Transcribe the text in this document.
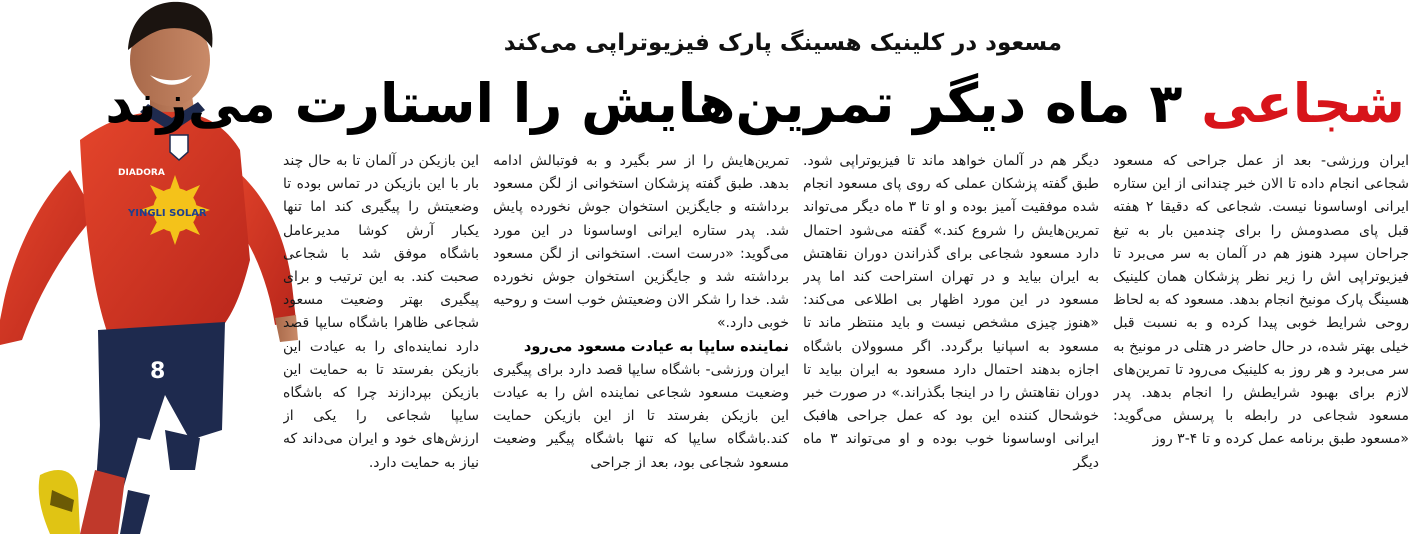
8
DIADORA
YINGLI SOLAR
مسعود در کلینیک هسینگ پارک فیزیوتراپی می‌کند
شجاعی ۳ ماه دیگر تمرین‌هایش را استارت می‌زند

ایران ورزشی- بعد از عمل جراحی که مسعود شجاعی انجام داده تا الان خبر چندانی از این ستاره ایرانی اوساسونا نیست. شجاعی که دقیقا ۲ هفته قبل پای مصدومش را برای چندمین بار به تیغ جراحان سپرد هنوز هم در آلمان به سر می‌برد تا فیزیوتراپی اش را زیر نظر پزشکان همان کلینیک هسینگ پارک مونیخ انجام بدهد. مسعود که به لحاظ روحی شرایط خوبی پیدا کرده و به نسبت قبل خیلی بهتر شده، در حال حاضر در هتلی در مونیخ به سر می‌برد و هر روز به کلینیک می‌رود تا تمرین‌های لازم برای بهبود شرایطش را انجام بدهد. پدر مسعود شجاعی در رابطه با پرسش می‌گوید: «مسعود طبق برنامه عمل کرده و تا ۴-۳ روز

دیگر هم در آلمان خواهد ماند تا فیزیوتراپی شود. طبق گفته پزشکان عملی که روی پای مسعود انجام شده موفقیت آمیز بوده و او تا ۳ ماه دیگر می‌تواند تمرین‌هایش را شروع کند.» گفته می‌شود احتمال دارد مسعود شجاعی برای گذراندن دوران نقاهتش به ایران بیاید و در تهران استراحت کند اما پدر مسعود در این مورد اظهار بی اطلاعی می‌کند: «هنوز چیزی مشخص نیست و باید منتظر ماند تا مسعود به اسپانیا برگردد. اگر مسوولان باشگاه اجازه بدهند احتمال دارد مسعود به ایران بیاید تا دوران نقاهتش را در اینجا بگذراند.» در صورت خبر خوشحال کننده این بود که عمل جراحی هافبک ایرانی اوساسونا خوب بوده و او می‌تواند ۳ ماه دیگر

تمرین‌هایش را از سر بگیرد و به فوتبالش ادامه بدهد. طبق گفته پزشکان استخوانی از لگن مسعود برداشته و جایگزین استخوان جوش نخورده پایش شد. پدر ستاره ایرانی اوساسونا در این مورد می‌گوید: «درست است. استخوانی از لگن مسعود برداشته شد و جایگزین استخوان جوش نخورده شد. خدا را شکر الان وضعیتش خوب است و روحیه خوبی دارد.»

نماینده سایپا به عیادت مسعود می‌رود

ایران ورزشی- باشگاه سایپا قصد دارد برای پیگیری وضعیت مسعود شجاعی نماینده اش را به عیادت این بازیکن بفرستد تا از این بازیکن حمایت کند.باشگاه سایپا که تنها باشگاه پیگیر وضعیت مسعود شجاعی بود، بعد از جراحی

این بازیکن در آلمان تا به حال چند بار با این بازیکن در تماس بوده تا وضعیتش را پیگیری کند اما تنها یکبار آرش کوشا مدیرعامل باشگاه موفق شد با شجاعی صحبت کند. به این ترتیب و برای پیگیری بهتر وضعیت مسعود شجاعی ظاهرا باشگاه سایپا قصد دارد نماینده‌ای را به عیادت این بازیکن بفرستد تا به حمایت این بازیکن بپردازند چرا که باشگاه سایپا شجاعی را یکی از ارزش‌های خود و ایران می‌داند که نیاز به حمایت دارد.
